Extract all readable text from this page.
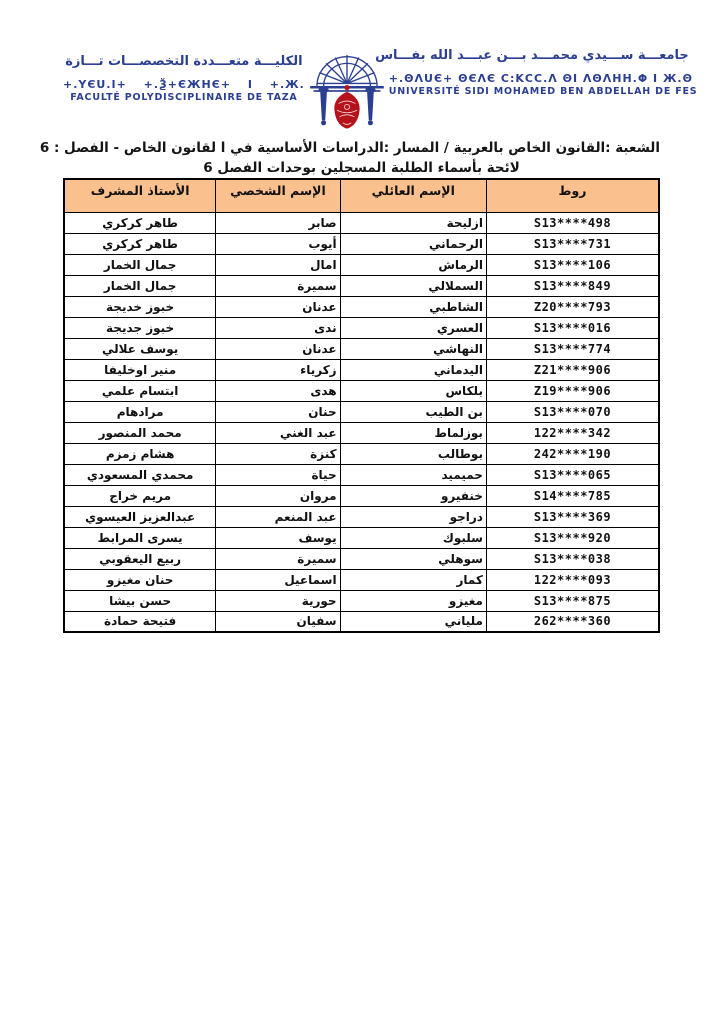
الكليـــة متعـــددة التخصصـــات تـــازة
+.ΥЄU.Ι+ +.Ѯ+ЄЖΗЄ+ Ι +.Ж.
FACULTÉ POLYDISCIPLINAIRE DE TAZA
جامعـــة ســـيدي محمـــد بـــن عبـــد الله بفـــاس
+.ΘΛUЄ+ ΘЄΛЄ Ϲ:ΚϹϹ.Λ ΘΙ ΛΘΛΗΗ.Φ Ι Ж.Θ
UNIVERSITÉ SIDI MOHAMED BEN ABDELLAH DE FES
الشعبة :القانون الخاص بالعربية / المسار :الدراسات الأساسية في ا لقانون الخاص - الفصل : 6
لائحة بأسماء الطلبة المسجلين بوحدات الفصل 6
روط	الإسم العائلي	الإسم الشخصي	الأستاذ المشرف
S13****498	ازليحة	صابر	طاهر كركري
S13****731	الرحماني	أيوب	طاهر كركري
S13****106	الرماش	امال	جمال الخمار
S13****849	السملالي	سميرة	جمال الخمار
Z20****793	الشاطبي	عدنان	خبوز خديجة
S13****016	العسري	ندى	خبوز جديجة
S13****774	النهاشي	عدنان	يوسف علالي
Z21****906	اليدماني	زكرياء	منير اوخليفا
Z19****906	بلكاس	هدى	ابتسام علمي
S13****070	بن الطيب	حنان	مرادهام
122****342	بوزلماط	عبد الغني	محمد المنصور
242****190	بوطالب	كنزة	هشام زمزم
S13****065	حميميد	حياة	محمدي المسعودي
S14****785	خنفيرو	مروان	مريم خراج
S13****369	دراجو	عبد المنعم	عبدالعزيز العيسوي
S13****920	سلبوك	يوسف	يسرى المرابط
S13****038	سوهلي	سميرة	ربيع اليعقوبي
122****093	كمار	اسماعيل	حنان مغيزو
S13****875	مغيزو	حورية	حسن بيشا
262****360	ملياني	سفيان	فتيحة حمادة
